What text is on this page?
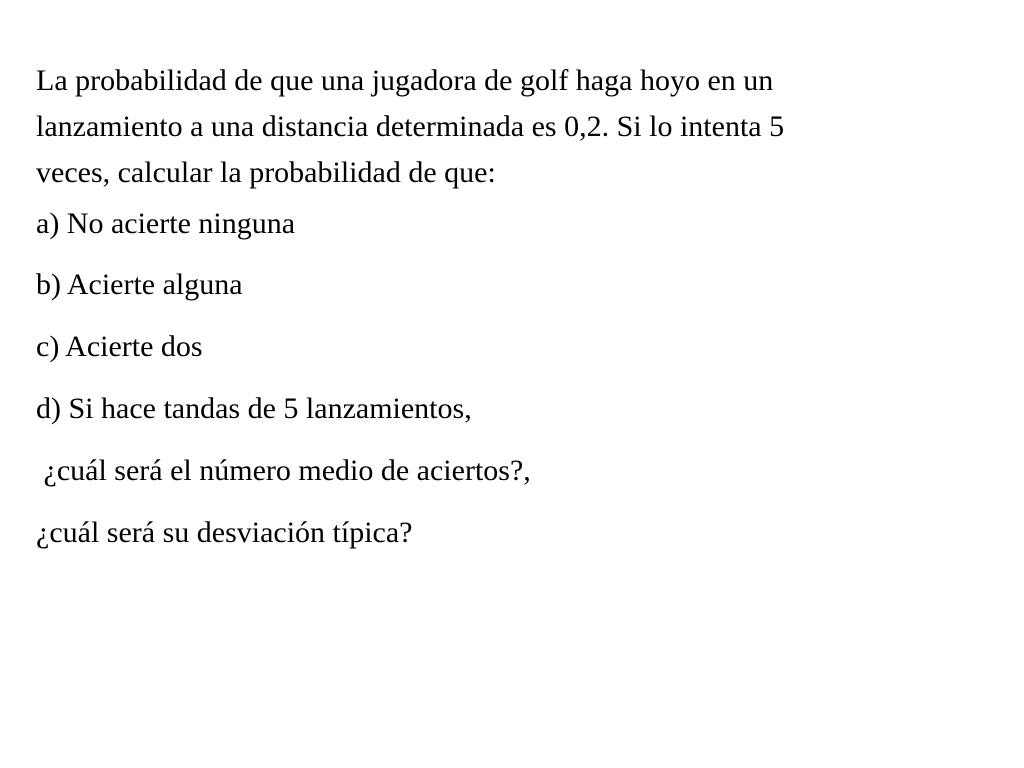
La probabilidad de que una jugadora de golf haga hoyo en un
lanzamiento a una distancia determinada es 0,2. Si lo intenta 5
veces, calcular la probabilidad de que:

a) No acierte ninguna

b) Acierte alguna

c) Acierte dos

d) Si hace tandas de 5 lanzamientos,

¿cuál será el número medio de aciertos?,

¿cuál será su desviación típica?
